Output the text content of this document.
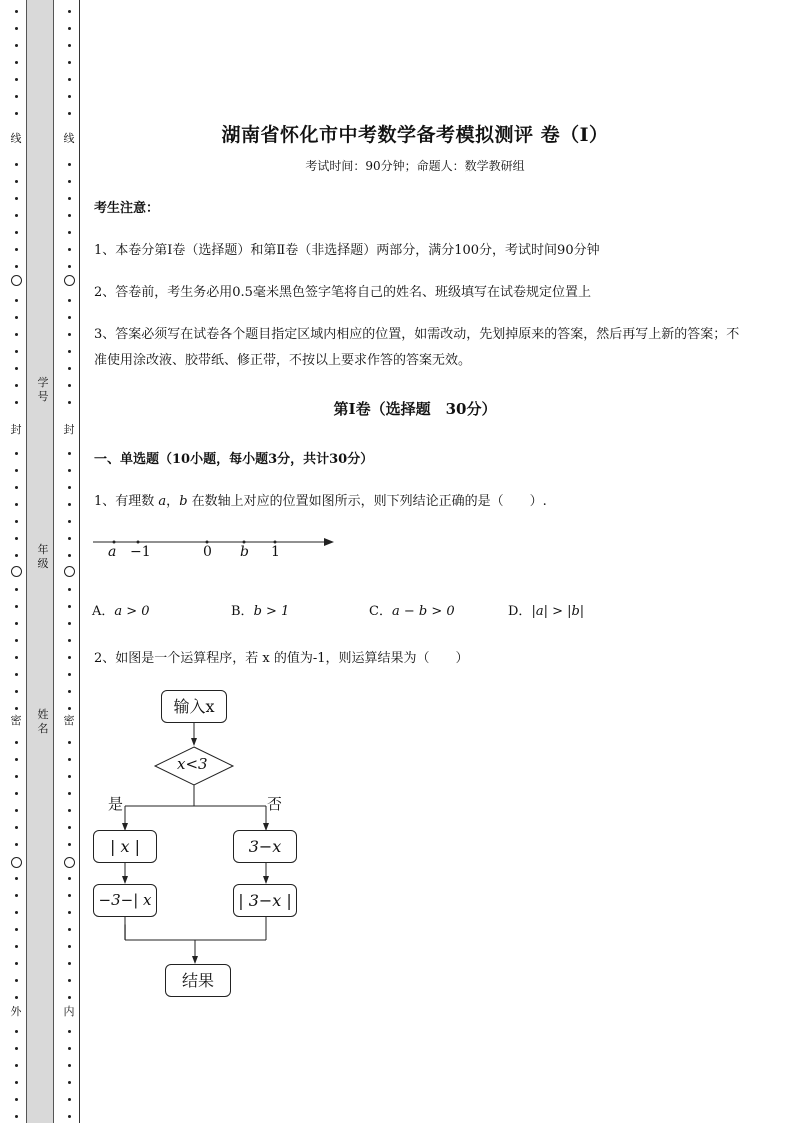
线
封
密
外
线
封
密
内
学号
年级
姓名
湖南省怀化市中考数学备考模拟测评 卷（Ⅰ）
考试时间：90分钟；命题人：数学教研组
考生注意：
1、本卷分第Ⅰ卷（选择题）和第Ⅱ卷（非选择题）两部分，满分100分，考试时间90分钟
2、答卷前，考生务必用0.5毫米黑色签字笔将自己的姓名、班级填写在试卷规定位置上
3、答案必须写在试卷各个题目指定区域内相应的位置，如需改动，先划掉原来的答案，然后再写上新的答案；不准使用涂改液、胶带纸、修正带，不按以上要求作答的答案无效。
第Ⅰ卷（选择题　30分）
一、单选题（10小题，每小题3分，共计30分）
1、有理数 a，b 在数轴上对应的位置如图所示，则下列结论正确的是（　　）.
a −1	0 b 1
A．a > 0	B．b > 1	C．a − b > 0	D．|a| > |b|
2、如图是一个运算程序，若 x 的值为-1，则运算结果为（　　）
输入x
x<3
是	否
| x |	3−x
−3−| x |
| 3−x |
结果
